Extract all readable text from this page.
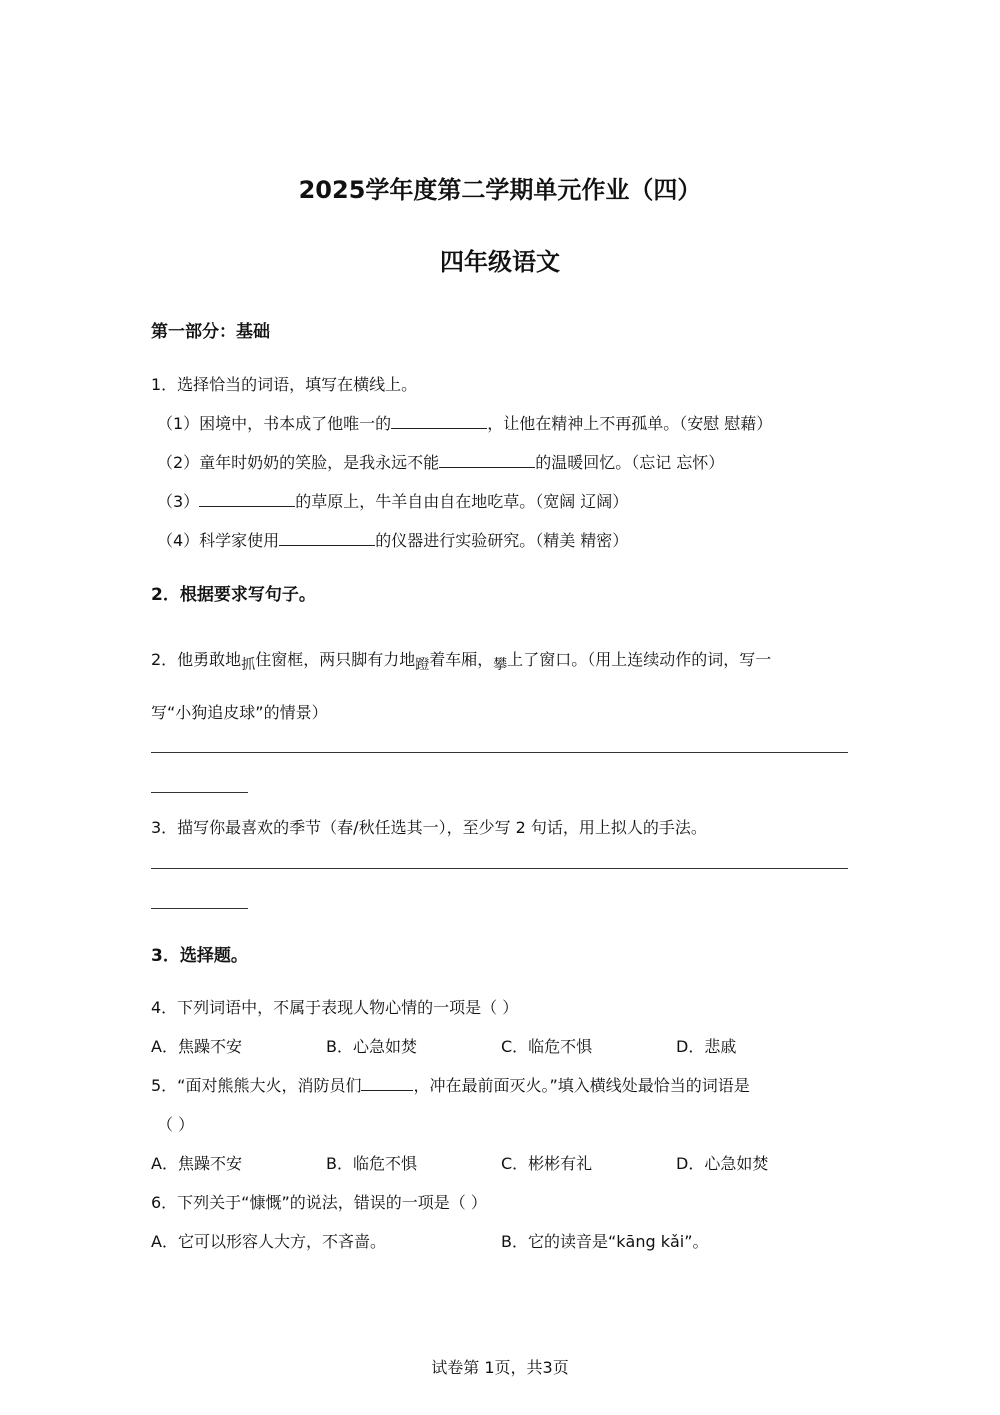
2025学年度第二学期单元作业（四）
四年级语文
第一部分：基础
1．选择恰当的词语，填写在横线上。
（1）困境中，书本成了他唯一的	，让他在精神上不再孤单。（安慰 慰藉）
（2）童年时奶奶的笑脸，是我永远不能	的温暖回忆。（忘记 忘怀）
（3）	的草原上，牛羊自由自在地吃草。（宽阔 辽阔）
（4）科学家使用	的仪器进行实验研究。（精美 精密）
2．根据要求写句子。
2．他勇敢地抓住窗框，两只脚有力地蹬着车厢，攀上了窗口。（用上连续动作的词，写一
写“小狗追皮球”的情景）
3．描写你最喜欢的季节（春/秋任选其一），至少写 2 句话，用上拟人的手法。
3．选择题。
4．下列词语中，不属于表现人物心情的一项是（ ）
A．焦躁不安	B．心急如焚	C．临危不惧	D．悲戚
5．“面对熊熊大火，消防员们	，冲在最前面灭火。”填入横线处最恰当的词语是
（ ）
A．焦躁不安	B．临危不惧	C．彬彬有礼	D．心急如焚
6．下列关于“慷慨”的说法，错误的一项是（ ）
A．它可以形容人大方，不吝啬。	B．它的读音是“kāng kǎi”。
试卷第 1页，共3页
